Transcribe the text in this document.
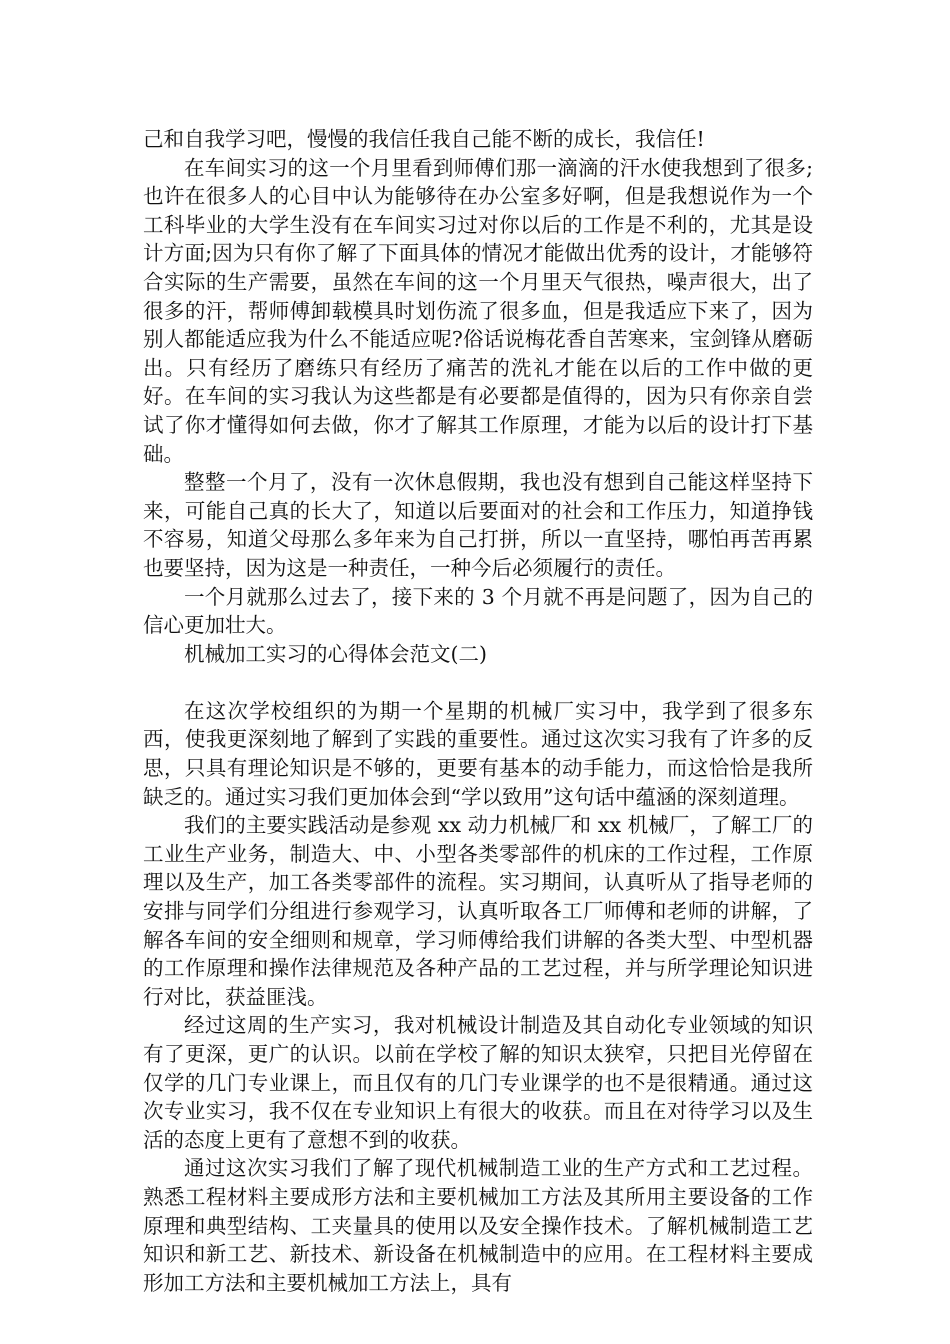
己和自我学习吧，慢慢的我信任我自己能不断的成长，我信任!

在车间实习的这一个月里看到师傅们那一滴滴的汗水使我想到了很多;也许在很多人的心目中认为能够待在办公室多好啊，但是我想说作为一个工科毕业的大学生没有在车间实习过对你以后的工作是不利的，尤其是设计方面;因为只有你了解了下面具体的情况才能做出优秀的设计，才能够符合实际的生产需要，虽然在车间的这一个月里天气很热，噪声很大，出了很多的汗，帮师傅卸载模具时划伤流了很多血，但是我适应下来了，因为别人都能适应我为什么不能适应呢?俗话说梅花香自苦寒来，宝剑锋从磨砺出。只有经历了磨练只有经历了痛苦的洗礼才能在以后的工作中做的更好。在车间的实习我认为这些都是有必要都是值得的，因为只有你亲自尝试了你才懂得如何去做，你才了解其工作原理，才能为以后的设计打下基础。

整整一个月了，没有一次休息假期，我也没有想到自己能这样坚持下来，可能自己真的长大了，知道以后要面对的社会和工作压力，知道挣钱不容易，知道父母那么多年来为自己打拼，所以一直坚持，哪怕再苦再累也要坚持，因为这是一种责任，一种今后必须履行的责任。

一个月就那么过去了，接下来的 3 个月就不再是问题了，因为自己的信心更加壮大。

机械加工实习的心得体会范文(二)

在这次学校组织的为期一个星期的机械厂实习中，我学到了很多东西，使我更深刻地了解到了实践的重要性。通过这次实习我有了许多的反思，只具有理论知识是不够的，更要有基本的动手能力，而这恰恰是我所缺乏的。通过实习我们更加体会到“学以致用”这句话中蕴涵的深刻道理。

我们的主要实践活动是参观 xx 动力机械厂和 xx 机械厂，了解工厂的工业生产业务，制造大、中、小型各类零部件的机床的工作过程，工作原理以及生产，加工各类零部件的流程。实习期间，认真听从了指导老师的安排与同学们分组进行参观学习，认真听取各工厂师傅和老师的讲解，了解各车间的安全细则和规章，学习师傅给我们讲解的各类大型、中型机器的工作原理和操作法律规范及各种产品的工艺过程，并与所学理论知识进行对比，获益匪浅。

经过这周的生产实习，我对机械设计制造及其自动化专业领域的知识有了更深，更广的认识。以前在学校了解的知识太狭窄，只把目光停留在仅学的几门专业课上，而且仅有的几门专业课学的也不是很精通。通过这次专业实习，我不仅在专业知识上有很大的收获。而且在对待学习以及生活的态度上更有了意想不到的收获。

通过这次实习我们了解了现代机械制造工业的生产方式和工艺过程。熟悉工程材料主要成形方法和主要机械加工方法及其所用主要设备的工作原理和典型结构、工夹量具的使用以及安全操作技术。了解机械制造工艺知识和新工艺、新技术、新设备在机械制造中的应用。在工程材料主要成形加工方法和主要机械加工方法上，具有
